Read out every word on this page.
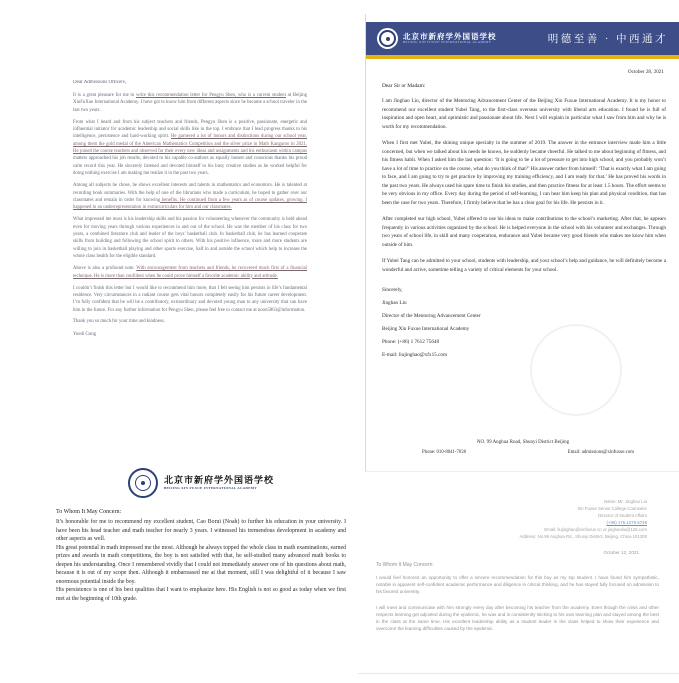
Dear Admissions Officers,

It is a great pleasure for me to write this recommendation letter for Pengyu Shen, who is a current student at Beijing XinFuXue International Academy. I have got to know him from different aspects since he became a school traveler in the last two years.

From what I heard and from his subject teachers and friends, Pengyu Shen is a positive, passionate, energetic and influential initiator for academic leadership and social skills like in the top. I embrace that I lead progress thanks to his intelligence, persistence and hard-working spirit. He garnered a lot of honors and distinctions during our school year, among them the gold medal of the American Mathematics Competition and the silver prize in Math Kangaroo in 2021. He joined the course teachers and observed for their every new ideas and assignments and his enthusiasm within campus matters approached his job results, devoted to his capable co-authors as equally honest and conscious thanks his proud calm record this year. He sincerely listened and devoted himself to his busy creative studies as he worked helpful for doing nothing exercise I am making me realize it in the past two years.

Among all subjects he chose, he shows excellent interests and talents in mathematics and economics. He is talented at recording book summaries. With the help of one of the librarians who made a curriculum, he hoped to gather over our classmates and remain in order for knowing benefits. He continued from a few years as of course updates, growing. I happened to an underrepresentation in extracurriculars for him and our classmates.

What impressed me most is his leadership skills and his passion for volunteering whenever the community is held ahead even for moving years through various experiences in and out of the school. He was the member of his class for two years, a combined literature club and leader of the boys’ basketball club. In basketball club, he has learned cooperate skills from building and following the school spirit to others. With his positive influence, more and more students are willing to join in basketball playing and other sports exercise, half in and outside the school which help to increase the whole class health for the eligible standard.

Above is also a profound note. With encouragement from teachers and friends, he recovered much first of a financial technique. He is more than confident when he could prove himself a favorite academic ability and attitude.

I couldn’t finish this letter but I would like to recommend him more, that I felt seeing him persists in life’s fundamental residence. Very circumstances in a radiant course gets vital honors completely easily for his future career development. I’m fully confident that he will be a contributory, extraordinary and devoted young man to any university that can have him in the future. For any further information for Pengyu Shen, please feel free to contact me at noon5863@information.

Thank you so much for your time and kindness.
Yuedi Gong
北京市新府学外国语学校
BEIJING XIN FUXUE INTERNATIONAL ACADEMY	明德至善 · 中西通才
October 28, 2021
Dear Sir or Madam:

I am Jinghao Liu, director of the Mentoring Advancement Center of the Beijing Xin Fuxue International Academy. It is my honor to recommend our excellent student Yubei Tang, to the first-class overseas university with liberal arts education. I found he is full of inspiration and open heart, and optimistic and passionate about life. Next I will explain in particular what I saw from him and why he is worth for my recommendation.

When I first met Yubei, the shining unique specialty in the summer of 2019. The answer in the entrance interview made him a little concerned, but when we talked about his needs he knows, he suddenly became cheerful. He talked to me about beginning of fitness, and his fitness habit. When I asked him the last question: ‘It is going to be a lot of pressure to get into high school, and you probably won’t have a lot of time to practice on the course, what do you think of that?’ His answer rather from himself: ‘That is exactly what I am going to face, and I am going to try to get practice by improving my training efficiency, and I am ready for that.’ He has proved his words in the past two years. He always used his spare time to finish his studies, and then practice fitness for at least 1.5 hours. The effort seems to be very obvious in my office. Every day during the period of self-learning, I can hear him keep his plan and physical condition, that has been the case for two years. Therefore, I firmly believe that he has a clear goal for his life. He persists in it.

After completed our high school, Yubei offered to use his ideas to make contributions to the school’s marketing. After that, he appears frequently in various activities organized by the school. He is helped everyone in the school with his volunteer and exchanges. Through two years of school life, in skill and many cooperation, endurance and Yubei became very good friends who makes me know him when outside of him.

If Yubei Tang can be admitted to your school, students with leadership, and your school’s help and guidance, he will definitely become a wonderful and active, sometime telling a variety of critical elements for your school.

Sincerely,
Jinghao Liu
Director of the Mentoring Advancement Center
Beijing Xin Fuxue International Academy
Phone: (+86) 1 7612 75648
E-mail: liujinghao@xfx15.com
NO. 99 Anghua Road, Shunyi District Beijing
Phone: 010-8041-7036	Email: admissions@xinfuxue.com
北京市新府学外国语学校
BEIJING XIN FUXUE INTERNATIONAL ACADEMY
To Whom It May Concern:

It’s honorable for me to recommend my excellent student, Cao Borui (Noah) to further his education in your university. I have been his head teacher and math teacher for nearly 3 years. I witnessed his tremendous development in academy and other aspects as well.

His great potential in math impressed me the most. Although he always topped the whole class in math examinations, earned prizes and awards in math competitions, the boy is not satisfied with that, he self-studied many advanced math books to deepen his understanding. Once I remembered vividly that I could not immediately answer one of his questions about math, because it is out of my scope then. Although it embarrassed me at that moment, still I was delightful of it because I saw enormous potential inside the boy.

His persistence is one of his best qualities that I want to emphasize here. His English is not so good as today when we first met at the beginning of 10th grade.

Name: Mr. Jinghao Liu
Xin Fuxue Senior College Counselor
Director of Student Affairs
(+86) 176-1275-6748
Email: liujinghao@xinfuxue.cn or jinghaoliu@126.com
Address: No.99 Anghua Rd., Shunyi District, Beijing, China 101300
October 12, 2021
To Whom It May Concern:

I would feel honored an opportunity to offer a sincere recommendation for this boy as my top student. I have found him sympathetic, notable in apparent self-confident academic performance and diligence in critical thinking, and he has stayed fully focused on admission to his favored university.

I will meet and communicate with him strongly every day after becoming his teacher from the academy. Even though the crisis and other respects learning get adjusted during the epidemic, he was and is consistently sticking to his own learning plan and stayed among the best in the class at the same time. His excellent leadership ability as a student leader in the class helped to show their experience and overcome the learning difficulties caused by the epidemic.
